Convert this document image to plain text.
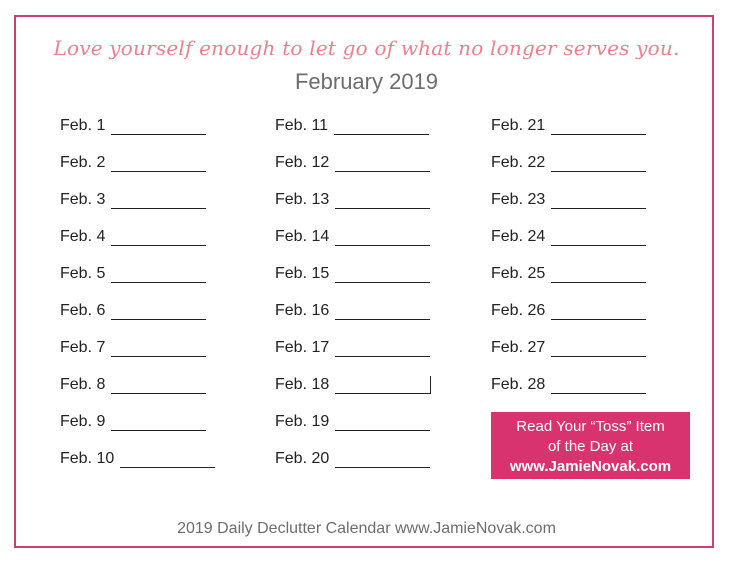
Love yourself enough to let go of what no longer serves you.
February 2019
Feb. 1
Feb. 2
Feb. 3
Feb. 4
Feb. 5
Feb. 6
Feb. 7
Feb. 8
Feb. 9
Feb. 10
Feb. 11
Feb. 12
Feb. 13
Feb. 14
Feb. 15
Feb. 16
Feb. 17
Feb. 18
Feb. 19
Feb. 20
Feb. 21
Feb. 22
Feb. 23
Feb. 24
Feb. 25
Feb. 26
Feb. 27
Feb. 28
Read Your “Toss” Item
of the Day at
www.JamieNovak.com
2019 Daily Declutter Calendar www.JamieNovak.com
